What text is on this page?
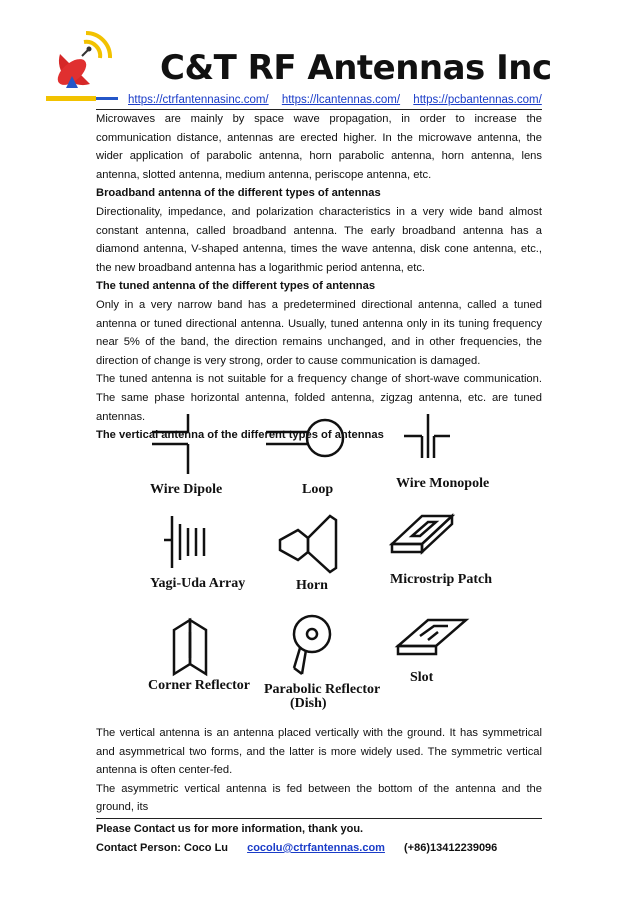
C&T RF Antennas Inc
https://ctrfantennasinc.com/ https://lcantennas.com/ https://pcbantennas.com/

Microwaves are mainly by space wave propagation, in order to increase the communication distance, antennas are erected higher. In the microwave antenna, the wider application of parabolic antenna, horn parabolic antenna, horn antenna, lens antenna, slotted antenna, medium antenna, periscope antenna, etc.

Broadband antenna of the different types of antennas

Directionality, impedance, and polarization characteristics in a very wide band almost constant antenna, called broadband antenna. The early broadband antenna has a diamond antenna, V-shaped antenna, times the wave antenna, disk cone antenna, etc., the new broadband antenna has a logarithmic period antenna, etc.

The tuned antenna of the different types of antennas

Only in a very narrow band has a predetermined directional antenna, called a tuned antenna or tuned directional antenna. Usually, tuned antenna only in its tuning frequency near 5% of the band, the direction remains unchanged, and in other frequencies, the direction of change is very strong, order to cause communication is damaged.

The tuned antenna is not suitable for a frequency change of short-wave communication. The same phase horizontal antenna, folded antenna, zigzag antenna, etc. are tuned antennas.

The vertical antenna of the different types of antennas

Wire Dipole	Loop	Wire Monopole
Yagi-Uda Array	Horn	Microstrip Patch
Corner Reflector Parabolic Reflector
(Dish)
Slot

The vertical antenna is an antenna placed vertically with the ground. It has symmetrical and asymmetrical two forms, and the latter is more widely used. The symmetric vertical antenna is often center-fed.

The asymmetric vertical antenna is fed between the bottom of the antenna and the ground, its

Please Contact us for more information, thank you.
Contact Person: Coco Lu cocolu@ctrfantennas.com (+86)13412239096
